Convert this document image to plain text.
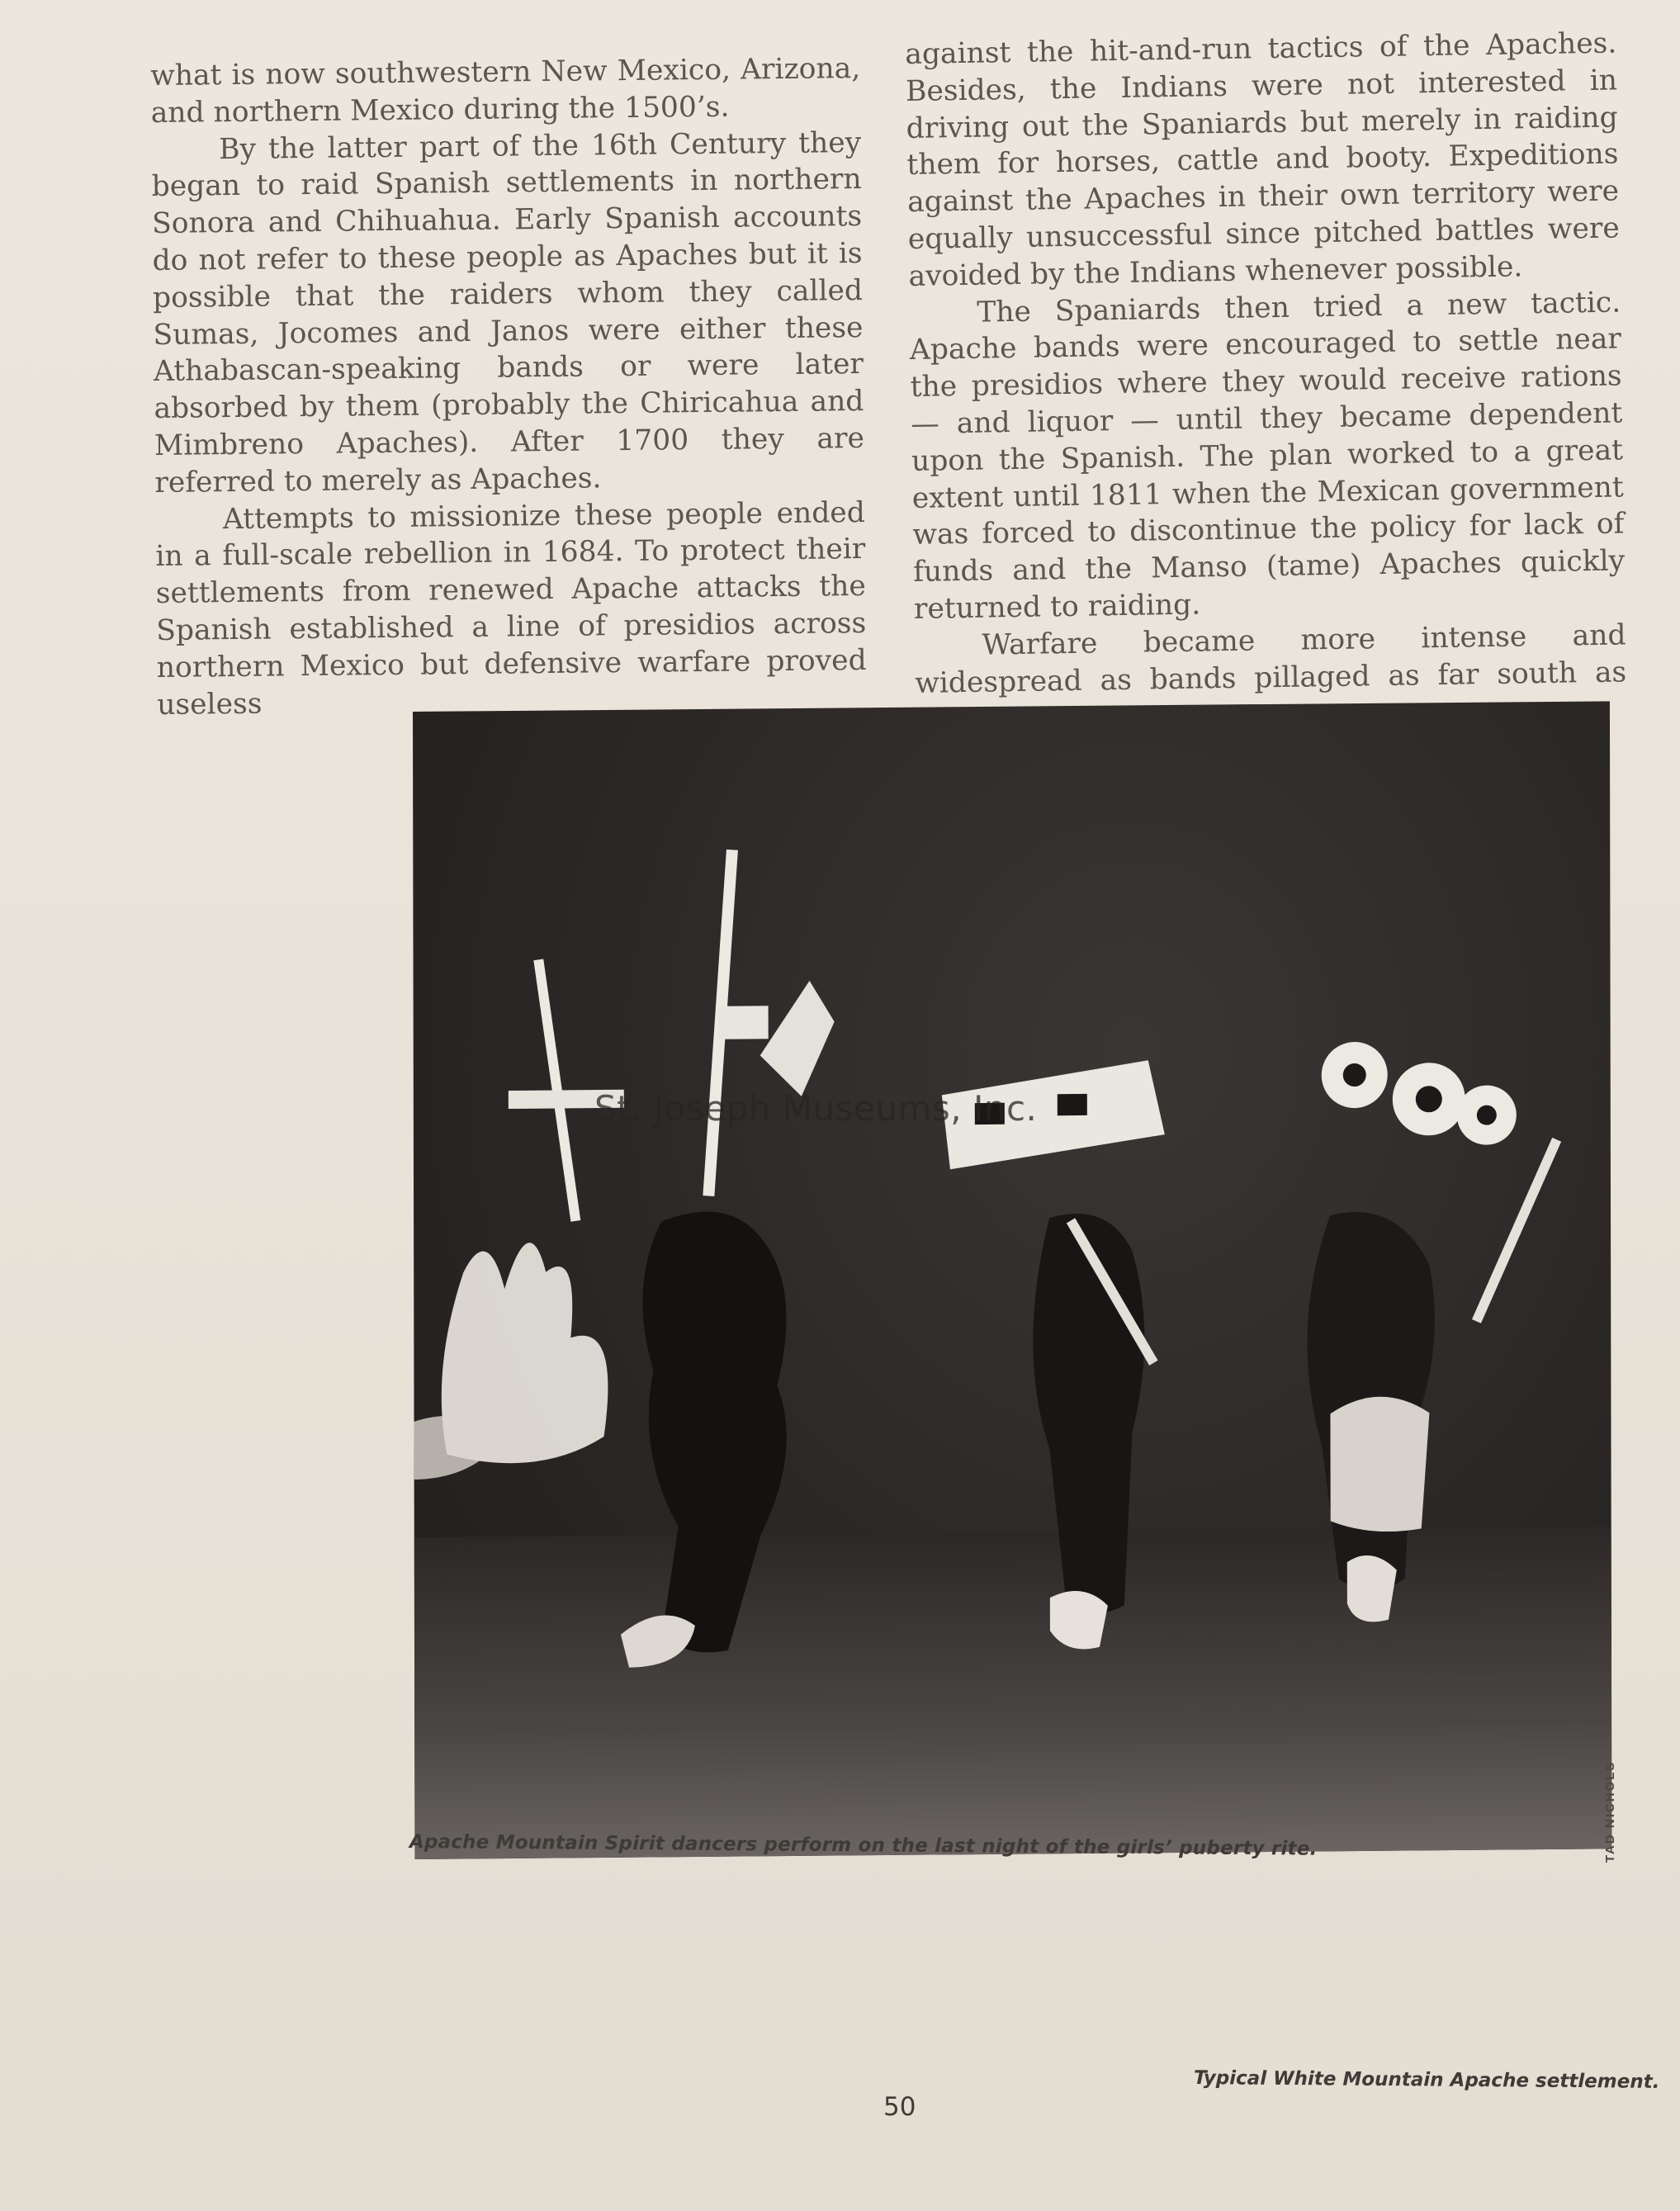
what is now southwestern New Mexico, Arizona, and northern Mexico during the 1500’s.

By the latter part of the 16th Century they began to raid Spanish settlements in northern Sonora and Chihuahua. Early Spanish accounts do not refer to these people as Apaches but it is possible that the raiders whom they called Sumas, Jocomes and Janos were either these Athabascan-speaking bands or were later absorbed by them (probably the Chiricahua and Mimbreno Apaches). After 1700 they are referred to merely as Apaches.

Attempts to missionize these people ended in a full-scale rebellion in 1684. To protect their settlements from renewed Apache attacks the Spanish established a line of presidios across northern Mexico but defensive warfare proved useless

against the hit-and-run tactics of the Apaches. Besides, the Indians were not interested in driving out the Spaniards but merely in raiding them for horses, cattle and booty. Expeditions against the Apaches in their own territory were equally unsuccessful since pitched battles were avoided by the Indians whenever possible.

The Spaniards then tried a new tactic. Apache bands were encouraged to settle near the presidios where they would receive rations — and liquor — until they became dependent upon the Spanish. The plan worked to a great extent until 1811 when the Mexican government was forced to discontinue the policy for lack of funds and the Manso (tame) Apaches quickly returned to raiding.

Warfare became more intense and widespread as bands pillaged as far south as

St. Joseph Museums, Inc.
TAD NICHOLS
Apache Mountain Spirit dancers perform on the last night of the girls’ puberty rite.
Typical White Mountain Apache settlement.
50
